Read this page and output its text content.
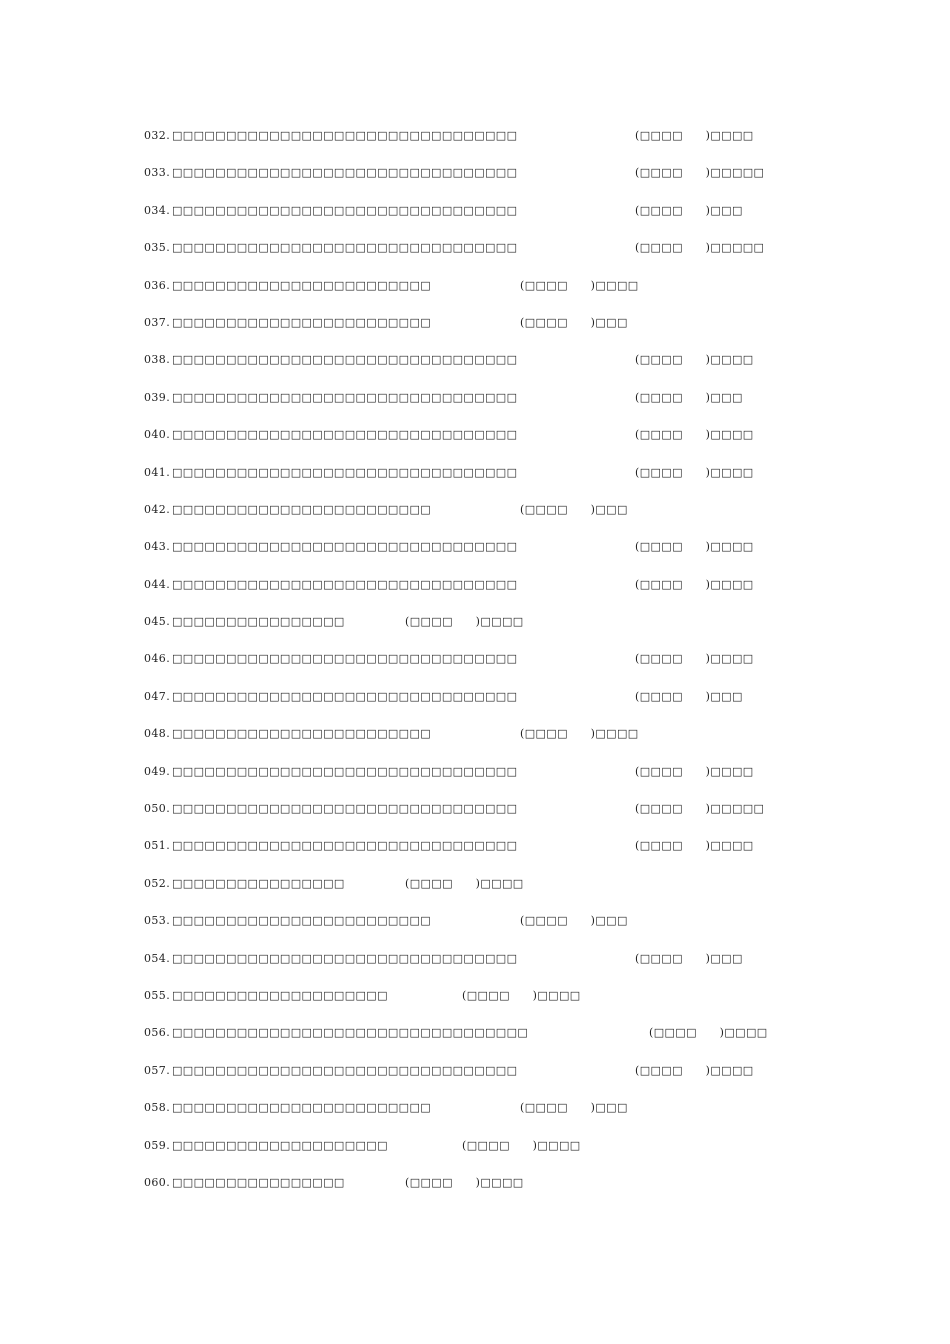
032. □□□□□□□□□□□□□□□□□□□□□□□□□□□□□□□□	(□□□□　　)□□□□
033. □□□□□□□□□□□□□□□□□□□□□□□□□□□□□□□□	(□□□□　　)□□□□□
034. □□□□□□□□□□□□□□□□□□□□□□□□□□□□□□□□	(□□□□　　)□□□
035. □□□□□□□□□□□□□□□□□□□□□□□□□□□□□□□□	(□□□□　　)□□□□□
036. □□□□□□□□□□□□□□□□□□□□□□□□	(□□□□　　)□□□□
037. □□□□□□□□□□□□□□□□□□□□□□□□	(□□□□　　)□□□
038. □□□□□□□□□□□□□□□□□□□□□□□□□□□□□□□□	(□□□□　　)□□□□
039. □□□□□□□□□□□□□□□□□□□□□□□□□□□□□□□□	(□□□□　　)□□□
040. □□□□□□□□□□□□□□□□□□□□□□□□□□□□□□□□	(□□□□　　)□□□□
041. □□□□□□□□□□□□□□□□□□□□□□□□□□□□□□□□	(□□□□　　)□□□□
042. □□□□□□□□□□□□□□□□□□□□□□□□	(□□□□　　)□□□
043. □□□□□□□□□□□□□□□□□□□□□□□□□□□□□□□□	(□□□□　　)□□□□
044. □□□□□□□□□□□□□□□□□□□□□□□□□□□□□□□□	(□□□□　　)□□□□
045. □□□□□□□□□□□□□□□□	(□□□□　　)□□□□
046. □□□□□□□□□□□□□□□□□□□□□□□□□□□□□□□□	(□□□□　　)□□□□
047. □□□□□□□□□□□□□□□□□□□□□□□□□□□□□□□□	(□□□□　　)□□□
048. □□□□□□□□□□□□□□□□□□□□□□□□	(□□□□　　)□□□□
049. □□□□□□□□□□□□□□□□□□□□□□□□□□□□□□□□	(□□□□　　)□□□□
050. □□□□□□□□□□□□□□□□□□□□□□□□□□□□□□□□	(□□□□　　)□□□□□
051. □□□□□□□□□□□□□□□□□□□□□□□□□□□□□□□□	(□□□□　　)□□□□
052. □□□□□□□□□□□□□□□□	(□□□□　　)□□□□
053. □□□□□□□□□□□□□□□□□□□□□□□□	(□□□□　　)□□□
054. □□□□□□□□□□□□□□□□□□□□□□□□□□□□□□□□	(□□□□　　)□□□
055. □□□□□□□□□□□□□□□□□□□□	(□□□□　　)□□□□
056. □□□□□□□□□□□□□□□□□□□□□□□□□□□□□□□□□	(□□□□　　)□□□□
057. □□□□□□□□□□□□□□□□□□□□□□□□□□□□□□□□	(□□□□　　)□□□□
058. □□□□□□□□□□□□□□□□□□□□□□□□	(□□□□　　)□□□
059. □□□□□□□□□□□□□□□□□□□□	(□□□□　　)□□□□
060. □□□□□□□□□□□□□□□□	(□□□□　　)□□□□
